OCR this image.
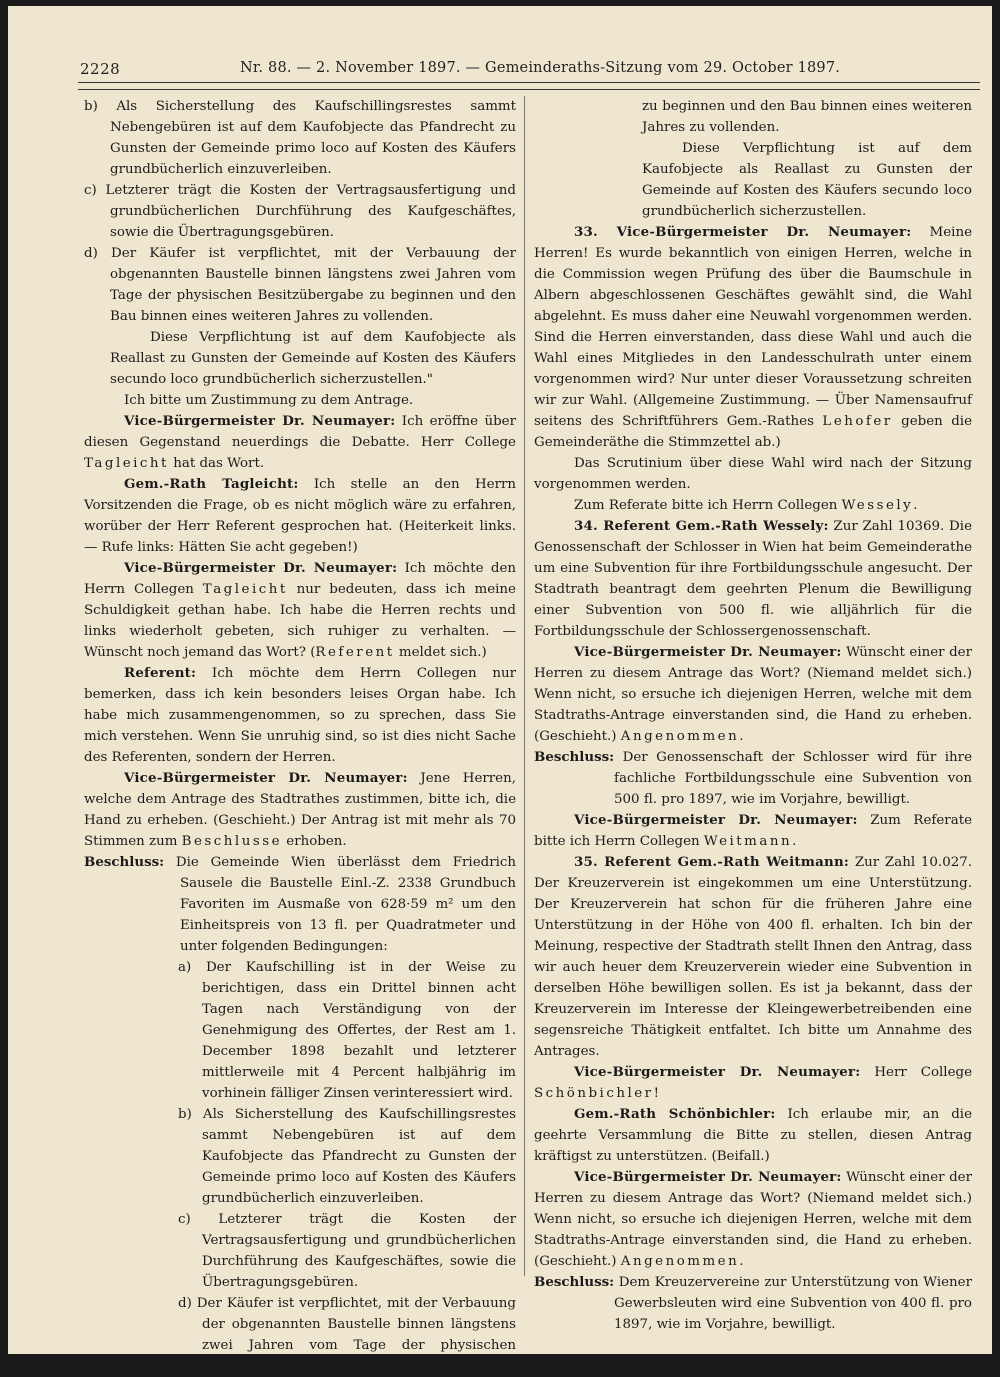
2228	Nr. 88. — 2. November 1897. — Gemeinderaths-Sitzung vom 29. October 1897.

b) Als Sicherstellung des Kaufschillingsrestes sammt Nebengebüren ist auf dem Kaufobjecte das Pfandrecht zu Gunsten der Gemeinde primo loco auf Kosten des Käufers grundbücherlich einzuverleiben.

c) Letzterer trägt die Kosten der Vertragsausfertigung und grundbücherlichen Durchführung des Kaufgeschäftes, sowie die Übertragungsgebüren.

d) Der Käufer ist verpflichtet, mit der Verbauung der obgenannten Baustelle binnen längstens zwei Jahren vom Tage der physischen Besitzübergabe zu beginnen und den Bau binnen eines weiteren Jahres zu vollenden.

Diese Verpflichtung ist auf dem Kaufobjecte als Reallast zu Gunsten der Gemeinde auf Kosten des Käufers secundo loco grundbücherlich sicherzustellen."

Ich bitte um Zustimmung zu dem Antrage.

Vice-Bürgermeister Dr. Neumayer: Ich eröffne über diesen Gegenstand neuerdings die Debatte. Herr College Tagleicht hat das Wort.

Gem.-Rath Tagleicht: Ich stelle an den Herrn Vorsitzenden die Frage, ob es nicht möglich wäre zu erfahren, worüber der Herr Referent gesprochen hat. (Heiterkeit links. — Rufe links: Hätten Sie acht gegeben!)

Vice-Bürgermeister Dr. Neumayer: Ich möchte den Herrn Collegen Tagleicht nur bedeuten, dass ich meine Schuldigkeit gethan habe. Ich habe die Herren rechts und links wiederholt gebeten, sich ruhiger zu verhalten. — Wünscht noch jemand das Wort? (Referent meldet sich.)

Referent: Ich möchte dem Herrn Collegen nur bemerken, dass ich kein besonders leises Organ habe. Ich habe mich zusammengenommen, so zu sprechen, dass Sie mich verstehen. Wenn Sie unruhig sind, so ist dies nicht Sache des Referenten, sondern der Herren.

Vice-Bürgermeister Dr. Neumayer: Jene Herren, welche dem Antrage des Stadtrathes zustimmen, bitte ich, die Hand zu erheben. (Geschieht.) Der Antrag ist mit mehr als 70 Stimmen zum Beschlusse erhoben.

Beschluss: Die Gemeinde Wien überlässt dem Friedrich Sausele die Baustelle Einl.-Z. 2338 Grundbuch Favoriten im Ausmaße von 628·59 m² um den Einheitspreis von 13 fl. per Quadratmeter und unter folgenden Bedingungen:

a) Der Kaufschilling ist in der Weise zu berichtigen, dass ein Drittel binnen acht Tagen nach Verständigung von der Genehmigung des Offertes, der Rest am 1. December 1898 bezahlt und letzterer mittlerweile mit 4 Percent halbjährig im vorhinein fälliger Zinsen verinteressiert wird.

b) Als Sicherstellung des Kaufschillingsrestes sammt Nebengebüren ist auf dem Kaufobjecte das Pfandrecht zu Gunsten der Gemeinde primo loco auf Kosten des Käufers grundbücherlich einzuverleiben.

c) Letzterer trägt die Kosten der Vertragsausfertigung und grundbücherlichen Durchführung des Kaufgeschäftes, sowie die Übertragungsgebüren.

d) Der Käufer ist verpflichtet, mit der Verbauung der obgenannten Baustelle binnen längstens zwei Jahren vom Tage der physischen Besitzübergabe

zu beginnen und den Bau binnen eines weiteren Jahres zu vollenden.

Diese Verpflichtung ist auf dem Kaufobjecte als Reallast zu Gunsten der Gemeinde auf Kosten des Käufers secundo loco grundbücherlich sicherzustellen.

33. Vice-Bürgermeister Dr. Neumayer: Meine Herren! Es wurde bekanntlich von einigen Herren, welche in die Commission wegen Prüfung des über die Baumschule in Albern abgeschlossenen Geschäftes gewählt sind, die Wahl abgelehnt. Es muss daher eine Neuwahl vorgenommen werden. Sind die Herren einverstanden, dass diese Wahl und auch die Wahl eines Mitgliedes in den Landesschulrath unter einem vorgenommen wird? Nur unter dieser Voraussetzung schreiten wir zur Wahl. (Allgemeine Zustimmung. — Über Namensaufruf seitens des Schriftführers Gem.-Rathes Lehofer geben die Gemeinderäthe die Stimmzettel ab.)

Das Scrutinium über diese Wahl wird nach der Sitzung vorgenommen werden.

Zum Referate bitte ich Herrn Collegen Wessely.

34. Referent Gem.-Rath Wessely: Zur Zahl 10369. Die Genossenschaft der Schlosser in Wien hat beim Gemeinderathe um eine Subvention für ihre Fortbildungsschule angesucht. Der Stadtrath beantragt dem geehrten Plenum die Bewilligung einer Subvention von 500 fl. wie alljährlich für die Fortbildungsschule der Schlossergenossenschaft.

Vice-Bürgermeister Dr. Neumayer: Wünscht einer der Herren zu diesem Antrage das Wort? (Niemand meldet sich.) Wenn nicht, so ersuche ich diejenigen Herren, welche mit dem Stadtraths-Antrage einverstanden sind, die Hand zu erheben. (Geschieht.) Angenommen.

Beschluss: Der Genossenschaft der Schlosser wird für ihre fachliche Fortbildungsschule eine Subvention von 500 fl. pro 1897, wie im Vorjahre, bewilligt.

Vice-Bürgermeister Dr. Neumayer: Zum Referate bitte ich Herrn Collegen Weitmann.

35. Referent Gem.-Rath Weitmann: Zur Zahl 10.027. Der Kreuzerverein ist eingekommen um eine Unterstützung. Der Kreuzerverein hat schon für die früheren Jahre eine Unterstützung in der Höhe von 400 fl. erhalten. Ich bin der Meinung, respective der Stadtrath stellt Ihnen den Antrag, dass wir auch heuer dem Kreuzerverein wieder eine Subvention in derselben Höhe bewilligen sollen. Es ist ja bekannt, dass der Kreuzerverein im Interesse der Kleingewerbetreibenden eine segensreiche Thätigkeit entfaltet. Ich bitte um Annahme des Antrages.

Vice-Bürgermeister Dr. Neumayer: Herr College Schönbichler!

Gem.-Rath Schönbichler: Ich erlaube mir, an die geehrte Versammlung die Bitte zu stellen, diesen Antrag kräftigst zu unterstützen. (Beifall.)

Vice-Bürgermeister Dr. Neumayer: Wünscht einer der Herren zu diesem Antrage das Wort? (Niemand meldet sich.) Wenn nicht, so ersuche ich diejenigen Herren, welche mit dem Stadtraths-Antrage einverstanden sind, die Hand zu erheben. (Geschieht.) Angenommen.

Beschluss: Dem Kreuzervereine zur Unterstützung von Wiener Gewerbsleuten wird eine Subvention von 400 fl. pro 1897, wie im Vorjahre, bewilligt.
